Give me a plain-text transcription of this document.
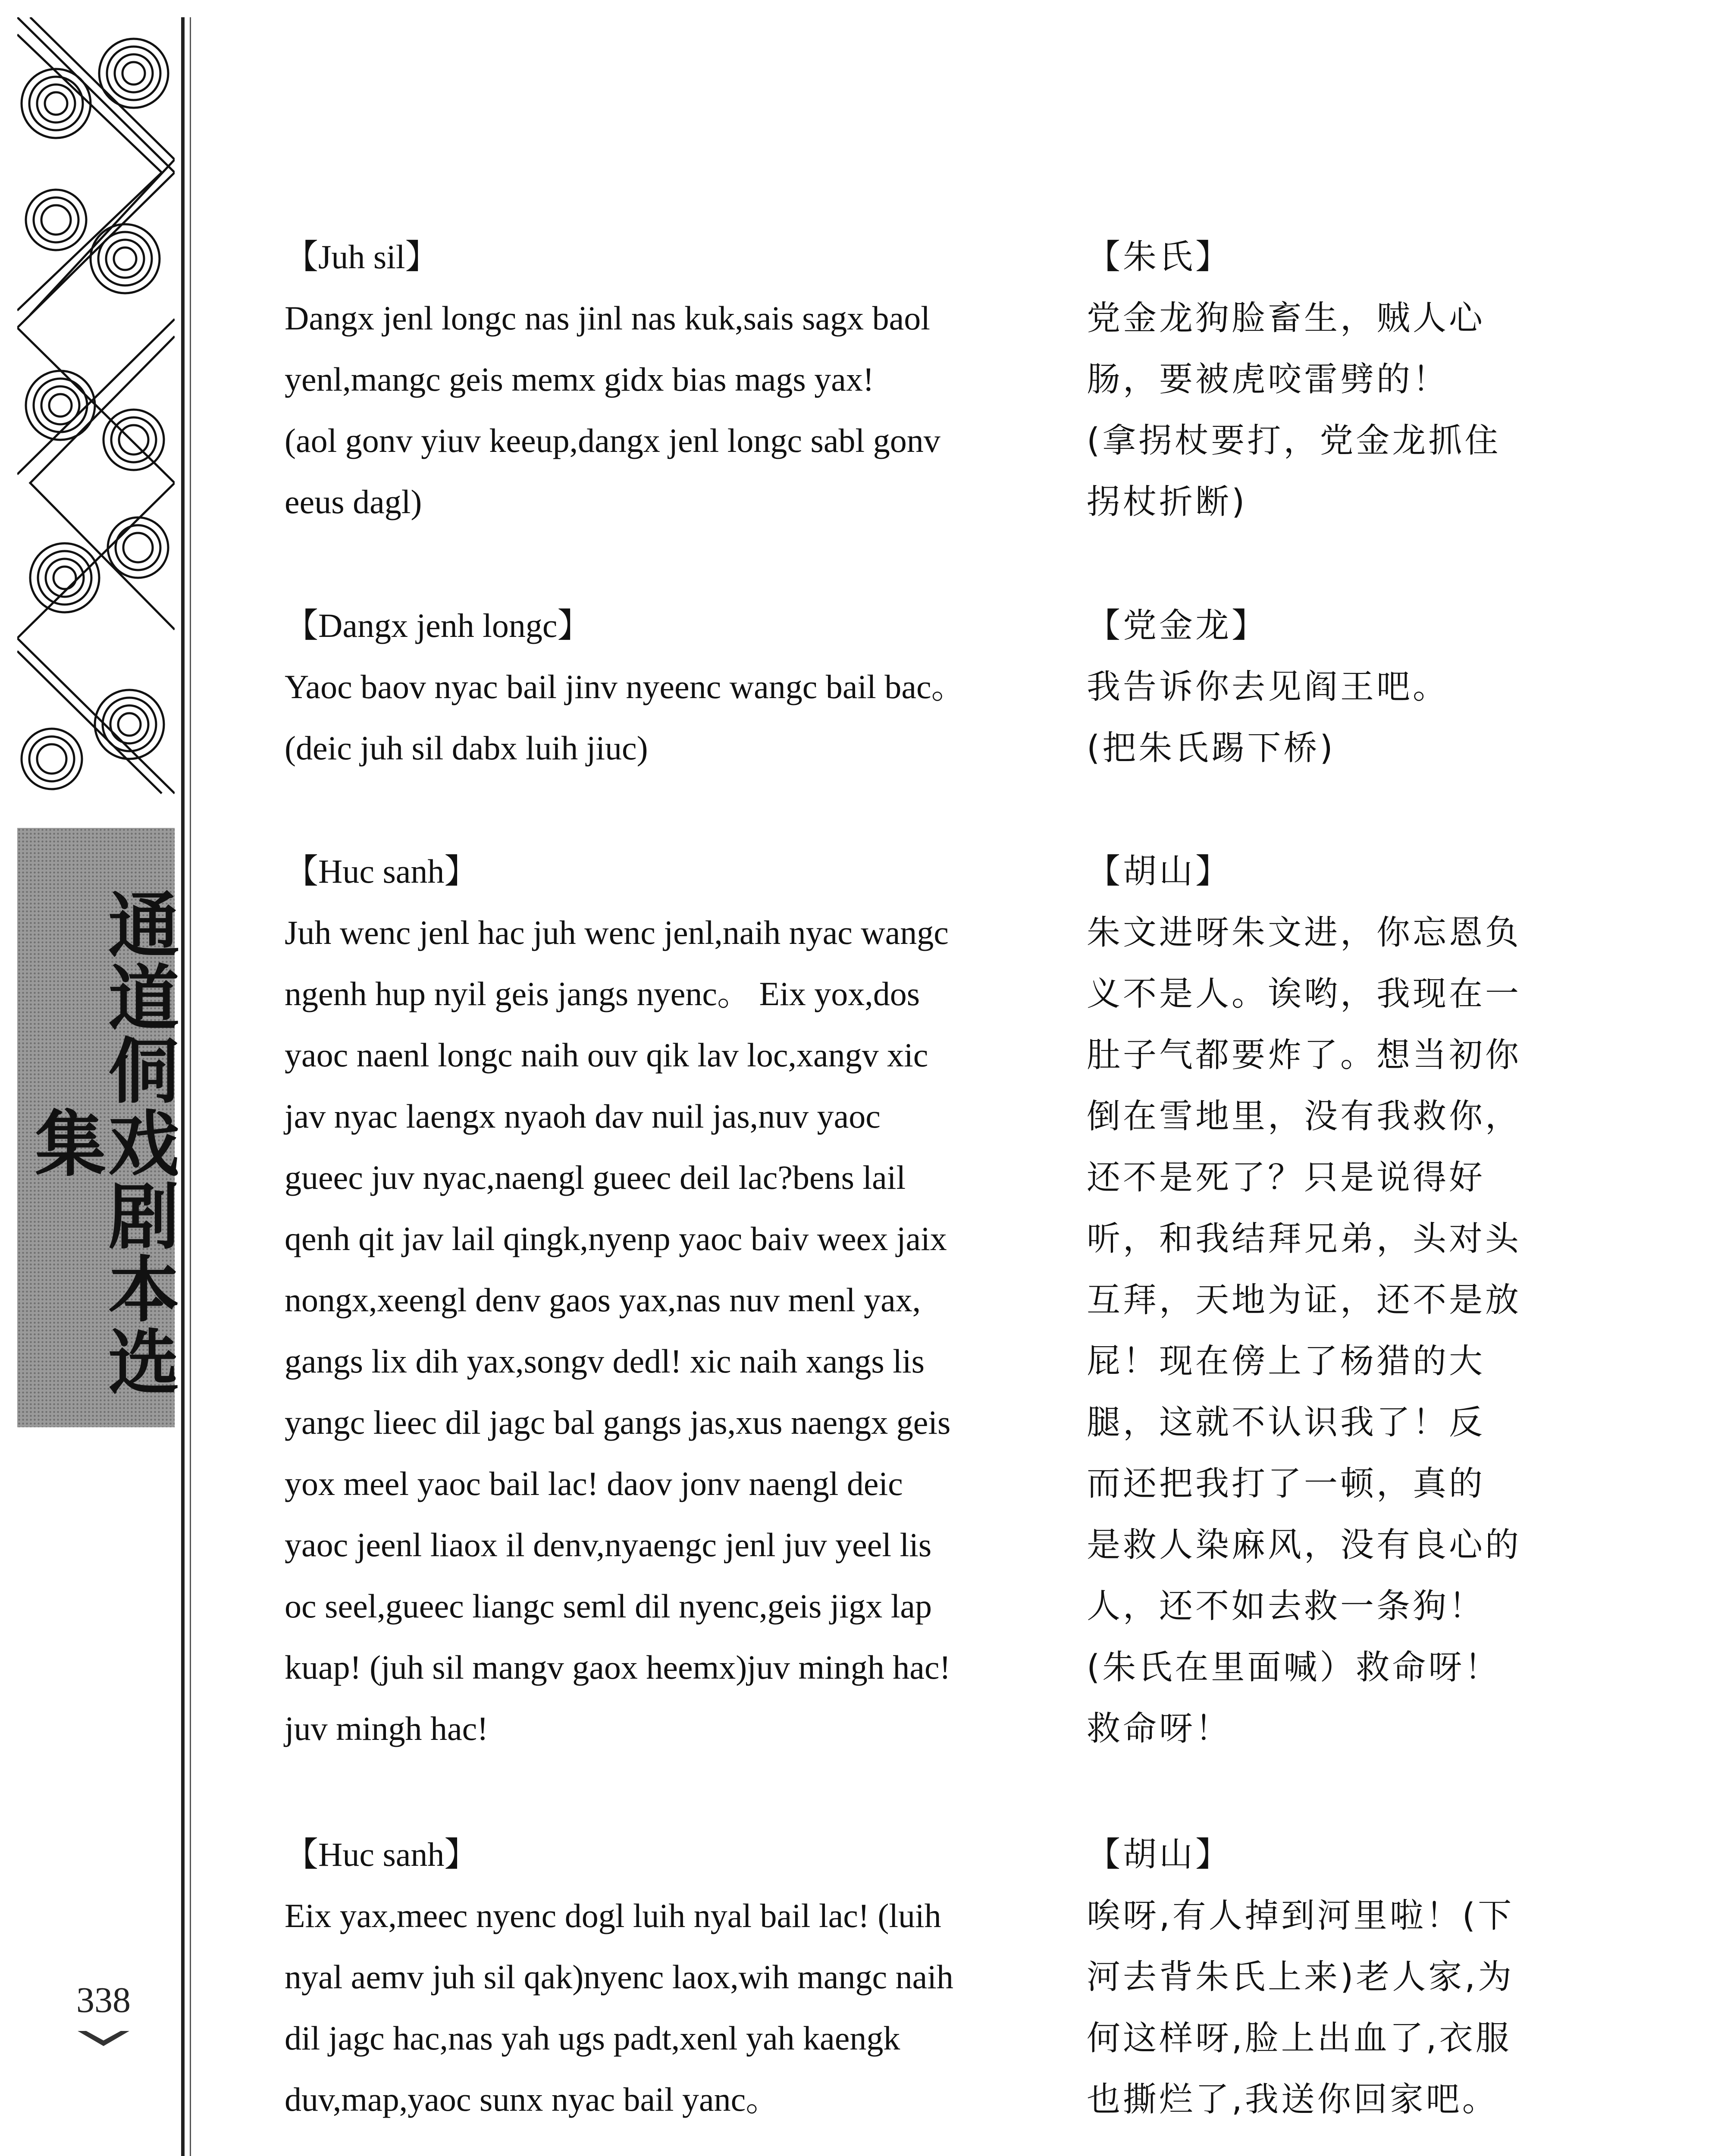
通道侗戏剧本选集
338
【Juh sil】
Dangx jenl longc nas jinl nas kuk,sais sagx baol
yenl,mangc geis memx gidx bias mags yax!
(aol gonv yiuv keeup,dangx jenl longc sabl gonv
eeus dagl)
【朱氏】
党金龙狗脸畜生，贼人心
肠，要被虎咬雷劈的！
(拿拐杖要打，党金龙抓住
拐杖折断)
【Dangx jenh longc】
Yaoc baov nyac bail jinv nyeenc wangc bail bac。
(deic juh sil dabx luih jiuc)
【党金龙】
我告诉你去见阎王吧。
(把朱氏踢下桥)
【Huc sanh】
Juh wenc jenl hac juh wenc jenl,naih nyac wangc
ngenh hup nyil geis jangs nyenc。 Eix yox,dos
yaoc naenl longc naih ouv qik lav loc,xangv xic
jav nyac laengx nyaoh dav nuil jas,nuv yaoc
gueec juv nyac,naengl gueec deil lac?bens lail
qenh qit jav lail qingk,nyenp yaoc baiv weex jaix
nongx,xeengl denv gaos yax,nas nuv menl yax,
gangs lix dih yax,songv dedl! xic naih xangs lis
yangc lieec dil jagc bal gangs jas,xus naengx geis
yox meel yaoc bail lac! daov jonv naengl deic
yaoc jeenl liaox il denv,nyaengc jenl juv yeel lis
oc seel,gueec liangc seml dil nyenc,geis jigx lap
kuap! (juh sil mangv gaox heemx)juv mingh hac!
juv mingh hac!
【胡山】
朱文进呀朱文进，你忘恩负
义不是人。诶哟，我现在一
肚子气都要炸了。想当初你
倒在雪地里，没有我救你，
还不是死了？只是说得好
听，和我结拜兄弟，头对头
互拜，天地为证，还不是放
屁！现在傍上了杨猎的大
腿，这就不认识我了！反
而还把我打了一顿，真的
是救人染麻风，没有良心的
人，还不如去救一条狗！
(朱氏在里面喊）救命呀！
救命呀！
【Huc sanh】
Eix yax,meec nyenc dogl luih nyal bail lac! (luih
nyal aemv juh sil qak)nyenc laox,wih mangc naih
dil jagc hac,nas yah ugs padt,xenl yah kaengk
duv,map,yaoc sunx nyac bail yanc。
【胡山】
唉呀,有人掉到河里啦！(下
河去背朱氏上来)老人家,为
何这样呀,脸上出血了,衣服
也撕烂了,我送你回家吧。
